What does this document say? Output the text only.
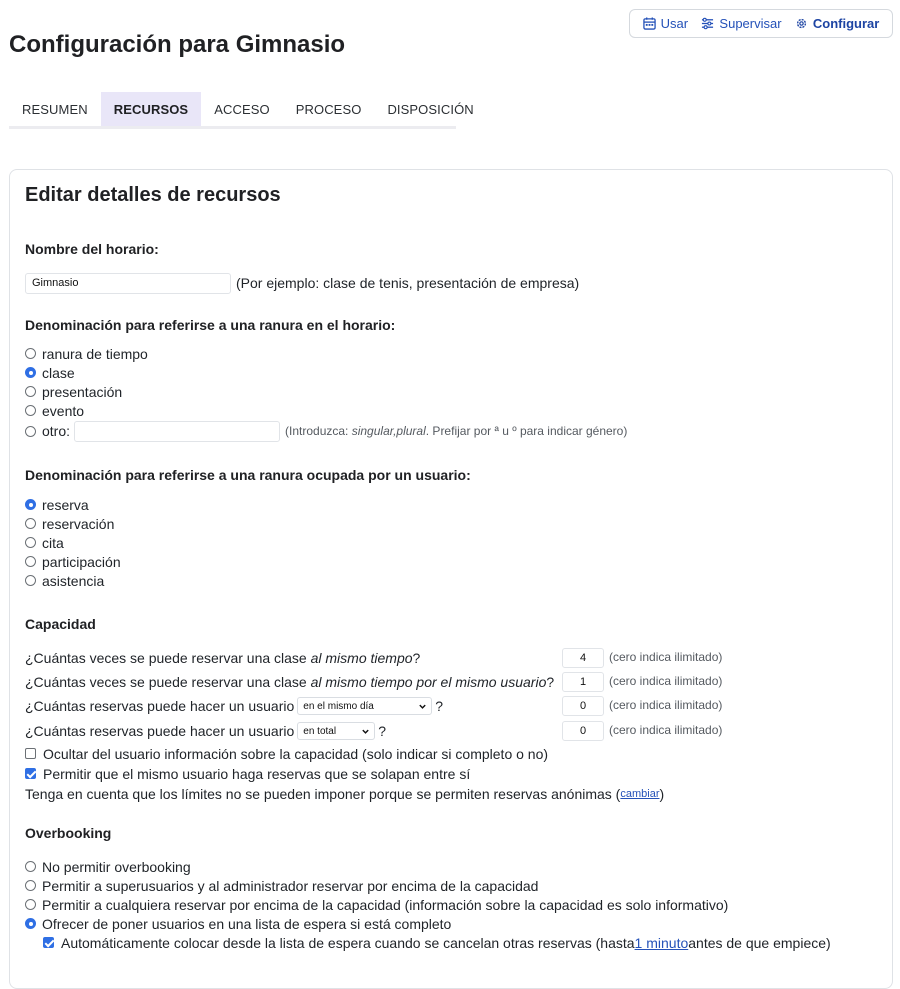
Usar Supervisar Configurar
Configuración para Gimnasio
RESUMEN	RECURSOS	ACCESO	PROCESO	DISPOSICIÓN
Editar detalles de recursos
Nombre del horario:
Gimnasio
(Por ejemplo: clase de tenis, presentación de empresa)
Denominación para referirse a una ranura en el horario:
ranura de tiempo
clase
presentación
evento
otro:	(Introduzca: singular,plural. Prefijar por ª u º para indicar género)
Denominación para referirse a una ranura ocupada por un usuario:
reserva
reservación
cita
participación
asistencia
Capacidad
¿Cuántas veces se puede reservar una clase al mismo tiempo?
4	(cero indica ilimitado)
¿Cuántas veces se puede reservar una clase al mismo tiempo por el mismo usuario?
1	(cero indica ilimitado)
¿Cuántas reservas puede hacer un usuario en el mismo día	?
0	(cero indica ilimitado)
¿Cuántas reservas puede hacer un usuario en total	?
0	(cero indica ilimitado)
Ocultar del usuario información sobre la capacidad (solo indicar si completo o no)
Permitir que el mismo usuario haga reservas que se solapan entre sí
Tenga en cuenta que los límites no se pueden imponer porque se permiten reservas anónimas ( cambiar )
Overbooking
No permitir overbooking
Permitir a superusuarios y al administrador reservar por encima de la capacidad
Permitir a cualquiera reservar por encima de la capacidad (información sobre la capacidad es solo informativo)
Ofrecer de poner usuarios en una lista de espera si está completo
Automáticamente colocar desde la lista de espera cuando se cancelan otras reservas (hasta 1 minuto antes de que empiece)
